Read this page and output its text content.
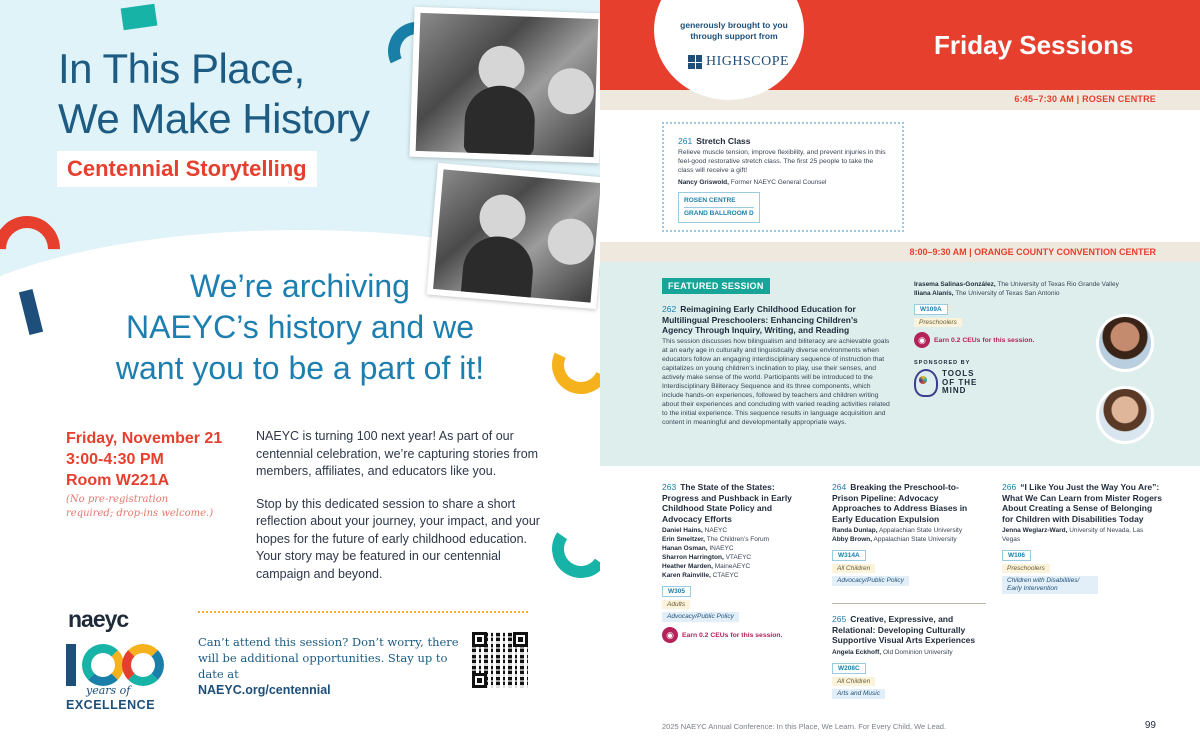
In This Place,
We Make History
Centennial Storytelling
We’re archiving
NAEYC’s history and we
want you to be a part of it!
Friday, November 21
3:00-4:30 PM
Room W221A
(No pre-registration required; drop-ins welcome.)

NAEYC is turning 100 next year! As part of our centennial celebration, we’re capturing stories from members, affiliates, and educators like you.

Stop by this dedicated session to share a short reflection about your journey, your impact, and your hopes for the future of early childhood education. Your story may be featured in our centennial campaign and beyond.

Can’t attend this session? Don’t worry, there will be additional opportunities. Stay up to date at
NAEYC.org/centennial
naeyc
years of
EXCELLENCE
generously brought to you
through support from
HIGHSCOPE
Friday Sessions
6:45–7:30 AM | ROSEN CENTRE
261 Stretch Class
Relieve muscle tension, improve flexibility, and prevent injuries in this feel-good restorative stretch class. The first 25 people to take the class will receive a gift!
Nancy Griswold, Former NAEYC General Counsel
ROSEN CENTRE
GRAND BALLROOM D
8:00–9:30 AM | ORANGE COUNTY CONVENTION CENTER
FEATURED SESSION
262 Reimagining Early Childhood Education for Multilingual Preschoolers: Enhancing Children’s Agency Through Inquiry, Writing, and Reading
This session discusses how bilingualism and biliteracy are achievable goals at an early age in culturally and linguistically diverse environments when educators follow an engaging interdisciplinary sequence of instruction that capitalizes on young children’s inclination to play, use their senses, and actively make sense of the world. Participants will be introduced to the Interdisciplinary Biliteracy Sequence and its three components, which include hands-on experiences, followed by teachers and children writing about their experiences and concluding with varied reading activities related to the initial experience. This sequence results in language acquisition and content in meaningful and developmentally appropriate ways.
Irasema Salinas-González, The University of Texas Rio Grande Valley
Iliana Alanís, The University of Texas San Antonio
W109A
Preschoolers
◉	Earn 0.2 CEUs for this session.
SPONSORED BY
TOOLS
OF THE
MIND
263 The State of the States: Progress and Pushback in Early Childhood State Policy and Advocacy Efforts
Daniel Hains, NAEYC
Erin Smeltzer, The Children’s Forum
Hanan Osman, INAEYC
Sharron Harrington, VTAEYC
Heather Marden, MaineAEYC
Karen Rainville, CTAEYC
W305
Adults
Advocacy/Public Policy
◉	Earn 0.2 CEUs for this session.
264 Breaking the Preschool-to-Prison Pipeline: Advocacy Approaches to Address Biases in Early Education Expulsion
Randa Dunlap, Appalachian State University
Abby Brown, Appalachian State University
W314A
All Children
Advocacy/Public Policy
265 Creative, Expressive, and Relational: Developing Culturally Supportive Visual Arts Experiences
Angela Eckhoff, Old Dominion University
W208C
All Children
Arts and Music
266 “I Like You Just the Way You Are”: What We Can Learn from Mister Rogers About Creating a Sense of Belonging for Children with Disabilities Today
Jenna Weglarz-Ward, University of Nevada, Las Vegas
W106
Preschoolers
Children with Disabilities/ Early Intervention
2025 NAEYC Annual Conference: In this Place, We Learn. For Every Child, We Lead.	99
